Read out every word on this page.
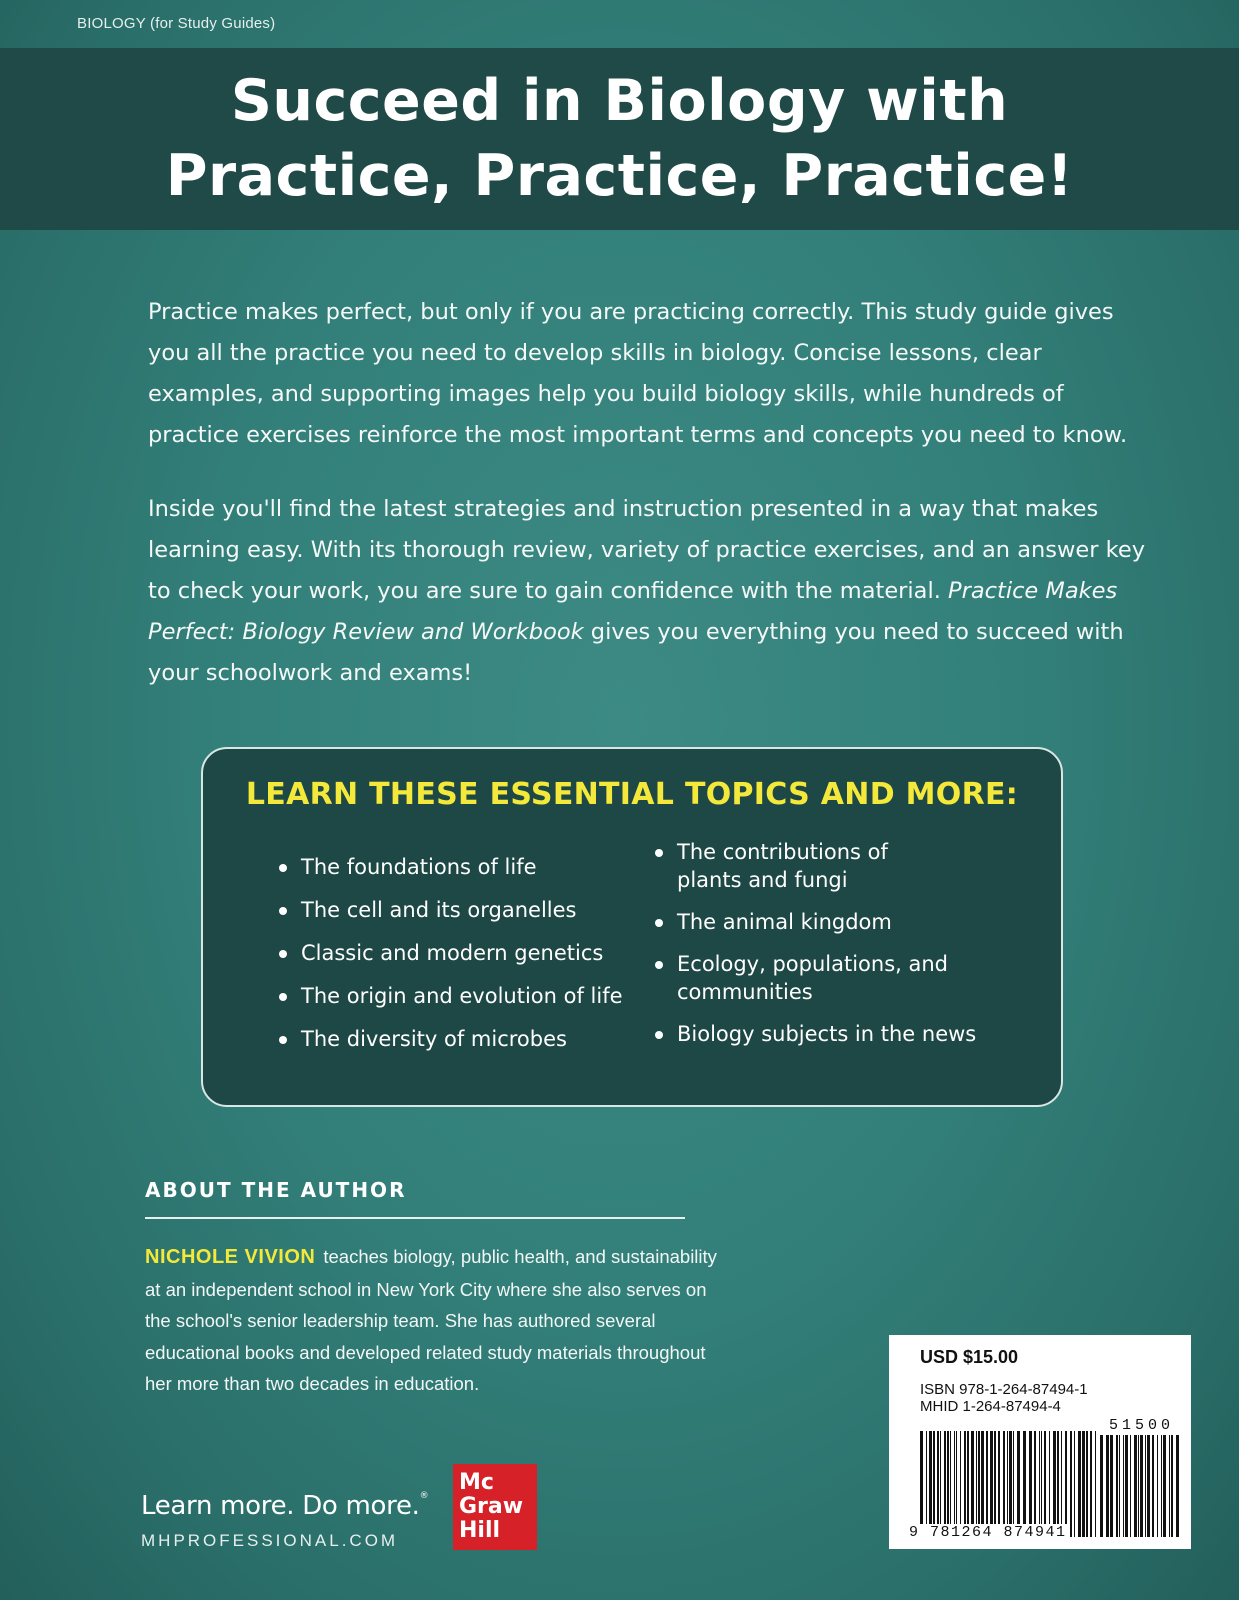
BIOLOGY (for Study Guides)
Succeed in Biology with
Practice, Practice, Practice!

Practice makes perfect, but only if you are practicing correctly. This study guide gives you all the practice you need to develop skills in biology. Concise lessons, clear examples, and supporting images help you build biology skills, while hundreds of practice exercises reinforce the most important terms and concepts you need to know.

Inside you'll find the latest strategies and instruction presented in a way that makes learning easy. With its thorough review, variety of practice exercises, and an answer key to check your work, you are sure to gain confidence with the material. Practice Makes Perfect: Biology Review and Workbook gives you everything you need to succeed with your schoolwork and exams!

LEARN THESE ESSENTIAL TOPICS AND MORE:
The foundations of life
The cell and its organelles
Classic and modern genetics
The origin and evolution of life
The diversity of microbes
The contributions of plants and fungi
The animal kingdom
Ecology, populations, and communities
Biology subjects in the news
ABOUT THE AUTHOR

NICHOLE VIVION teaches biology, public health, and sustainability at an independent school in New York City where she also serves on the school's senior leadership team. She has authored several educational books and developed related study materials throughout her more than two decades in education.

Learn more. Do more.®
MHPROFESSIONAL.COM
Mc
Graw
Hill
USD $15.00
ISBN 978-1-264-87494-1
MHID 1-264-87494-4
51500
9 781264 874941
